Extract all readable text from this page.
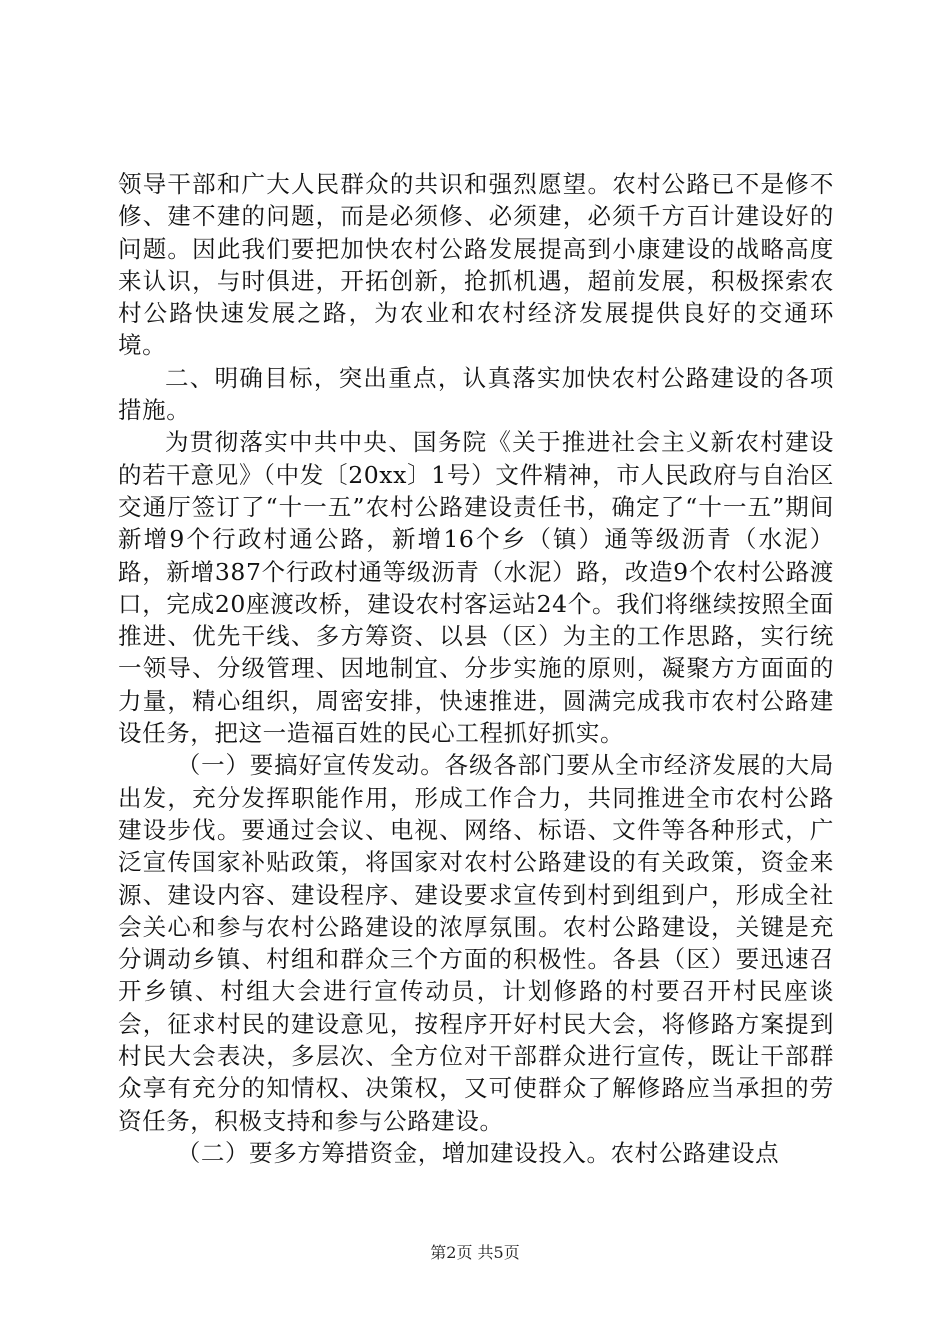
领导干部和广大人民群众的共识和强烈愿望。农村公路已不是修不修、建不建的问题，而是必须修、必须建，必须千方百计建设好的问题。因此我们要把加快农村公路发展提高到小康建设的战略高度来认识，与时俱进，开拓创新，抢抓机遇，超前发展，积极探索农村公路快速发展之路，为农业和农村经济发展提供良好的交通环境。

二、明确目标，突出重点，认真落实加快农村公路建设的各项措施。

为贯彻落实中共中央、国务院《关于推进社会主义新农村建设的若干意见》（中发〔20xx〕1号）文件精神，市人民政府与自治区交通厅签订了“十一五”农村公路建设责任书，确定了“十一五”期间新增9个行政村通公路，新增16个乡（镇）通等级沥青（水泥）路，新增387个行政村通等级沥青（水泥）路，改造9个农村公路渡口，完成20座渡改桥，建设农村客运站24个。我们将继续按照全面推进、优先干线、多方筹资、以县（区）为主的工作思路，实行统一领导、分级管理、因地制宜、分步实施的原则，凝聚方方面面的力量，精心组织，周密安排，快速推进，圆满完成我市农村公路建设任务，把这一造福百姓的民心工程抓好抓实。

（一）要搞好宣传发动。各级各部门要从全市经济发展的大局出发，充分发挥职能作用，形成工作合力，共同推进全市农村公路建设步伐。要通过会议、电视、网络、标语、文件等各种形式，广泛宣传国家补贴政策，将国家对农村公路建设的有关政策，资金来源、建设内容、建设程序、建设要求宣传到村到组到户，形成全社会关心和参与农村公路建设的浓厚氛围。农村公路建设，关键是充分调动乡镇、村组和群众三个方面的积极性。各县（区）要迅速召开乡镇、村组大会进行宣传动员，计划修路的村要召开村民座谈会，征求村民的建设意见，按程序开好村民大会，将修路方案提到村民大会表决，多层次、全方位对干部群众进行宣传，既让干部群众享有充分的知情权、决策权，又可使群众了解修路应当承担的劳资任务，积极支持和参与公路建设。

（二）要多方筹措资金，增加建设投入。农村公路建设点

第2页 共5页
